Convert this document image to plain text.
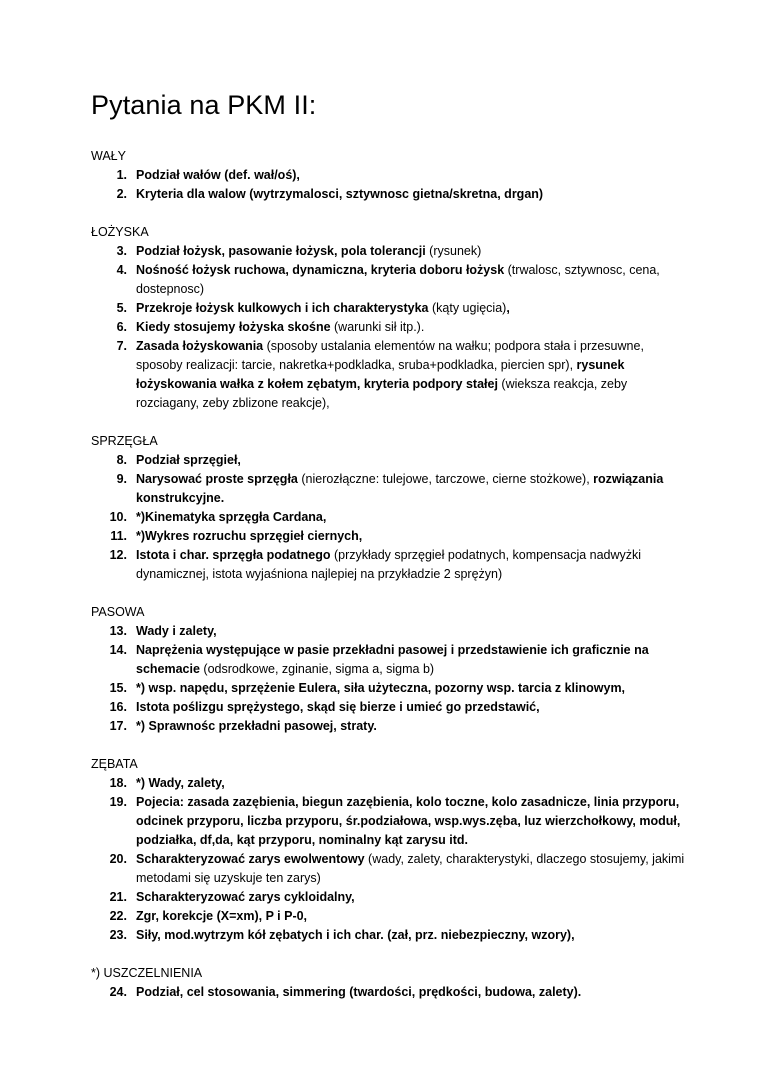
Pytania na PKM II:
WAŁY
1. Podział wałów (def. wał/oś),
2. Kryteria dla walow (wytrzymalosci, sztywnosc gietna/skretna, drgan)
ŁOŻYSKA
3. Podział łożysk, pasowanie łożysk, pola tolerancji (rysunek)
4. Nośność łożysk ruchowa, dynamiczna, kryteria doboru łożysk (trwalosc, sztywnosc, cena, dostepnosc)
5. Przekroje łożysk kulkowych i ich charakterystyka (kąty ugięcia),
6. Kiedy stosujemy łożyska skośne (warunki sił itp.).
7. Zasada łożyskowania (sposoby ustalania elementów na wałku; podpora stała i przesuwne, sposoby realizacji: tarcie, nakretka+podkladka, sruba+podkladka, piercien spr), rysunek łożyskowania wałka z kołem zębatym, kryteria podpory stałej (wieksza reakcja, zeby rozciagany, zeby zblizone reakcje),
SPRZĘGŁA
8. Podział sprzęgieł,
9. Narysować proste sprzęgła (nierozłączne: tulejowe, tarczowe, cierne stożkowe), rozwiązania konstrukcyjne.
10. *)Kinematyka sprzęgła Cardana,
11. *)Wykres rozruchu sprzęgieł ciernych,
12. Istota i char. sprzęgła podatnego (przykłady sprzęgieł podatnych, kompensacja nadwyżki dynamicznej, istota wyjaśniona najlepiej na przykładzie 2 sprężyn)
PASOWA
13. Wady i zalety,
14. Naprężenia występujące w pasie przekładni pasowej i przedstawienie ich graficznie na schemacie (odsrodkowe, zginanie, sigma a, sigma b)
15. *) wsp. napędu, sprzężenie Eulera, siła użyteczna, pozorny wsp. tarcia z klinowym,
16. Istota poślizgu sprężystego, skąd się bierze i umieć go przedstawić,
17. *) Sprawnośc przekładni pasowej, straty.
ZĘBATA
18. *) Wady, zalety,
19. Pojecia: zasada zazębienia, biegun zazębienia, kolo toczne, kolo zasadnicze, linia przyporu, odcinek przyporu, liczba przyporu, śr.podziałowa, wsp.wys.zęba, luz wierzchołkowy, moduł, podziałka, df,da, kąt przyporu, nominalny kąt zarysu itd.
20. Scharakteryzować zarys ewolwentowy (wady, zalety, charakterystyki, dlaczego stosujemy, jakimi metodami się uzyskuje ten zarys)
21. Scharakteryzować zarys cykloidalny,
22. Zgr, korekcje (X=xm), P i P-0,
23. Siły, mod.wytrzym kół zębatych i ich char. (zał, prz. niebezpieczny, wzory),
*) USZCZELNIENIA
24. Podział, cel stosowania, simmering (twardości, prędkości, budowa, zalety).
